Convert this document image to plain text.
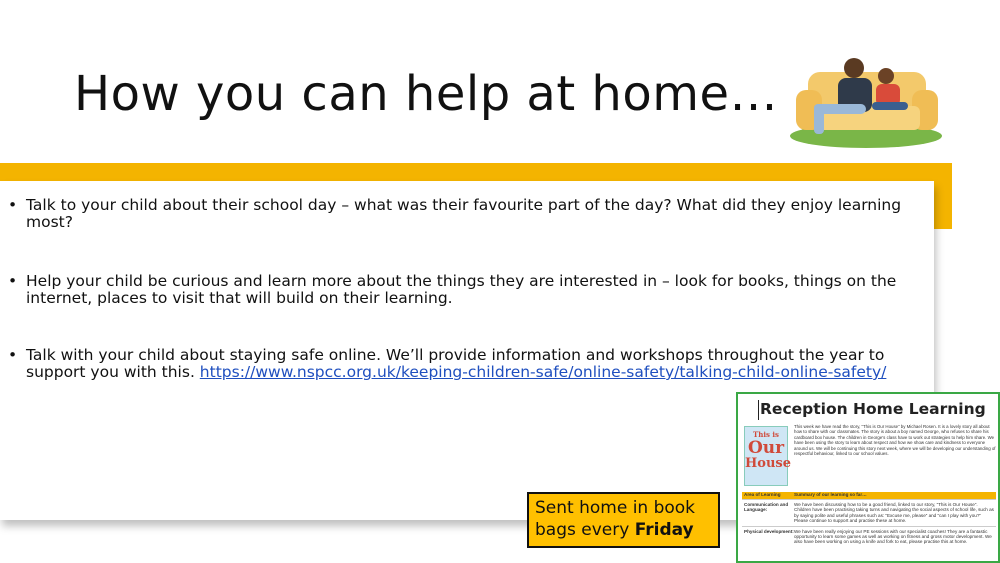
How you can help at home…
• Talk to your child about their school day – what was their favourite part of the day? What did they enjoy learning most?
• Help your child be curious and learn more about the things they are interested in – look for books, things on the internet, places to visit that will build on their learning.
• Talk with your child about staying safe online. We’ll provide information and workshops throughout the year to support you with this. https://www.nspcc.org.uk/keeping-children-safe/online-safety/talking-child-online-safety/
Reception Home Learning
This is
Our
House
This week we have read the story, “This is Our House” by Michael Rosen. It is a lovely story all about how to share with our classmates. The story is about a boy named George, who refuses to share his cardboard box house. The children in George’s class have to work out strategies to help him share. We have been using the story to learn about respect and how we show care and kindness to everyone around us. We will be continuing this story next week, where we will be developing our understanding of respectful behaviour, linked to our school values.
Area of Learning	Summary of our learning so far…
Communication and Language:
We have been discussing how to be a good friend, linked to our story, “This is Our House”. Children have been practising taking turns and navigating the social aspects of school life, such as by saying polite and useful phrases such as: “Excuse me, please” and “can I play with you?” Please continue to support and practise these at home.
Physical development: We have been really enjoying our PE sessions with our specialist coaches! They are a fantastic opportunity to learn some games as well as working on fitness and gross motor development. We also have been working on using a knife and fork to eat, please practise this at home.
Sent home in book bags every Friday
